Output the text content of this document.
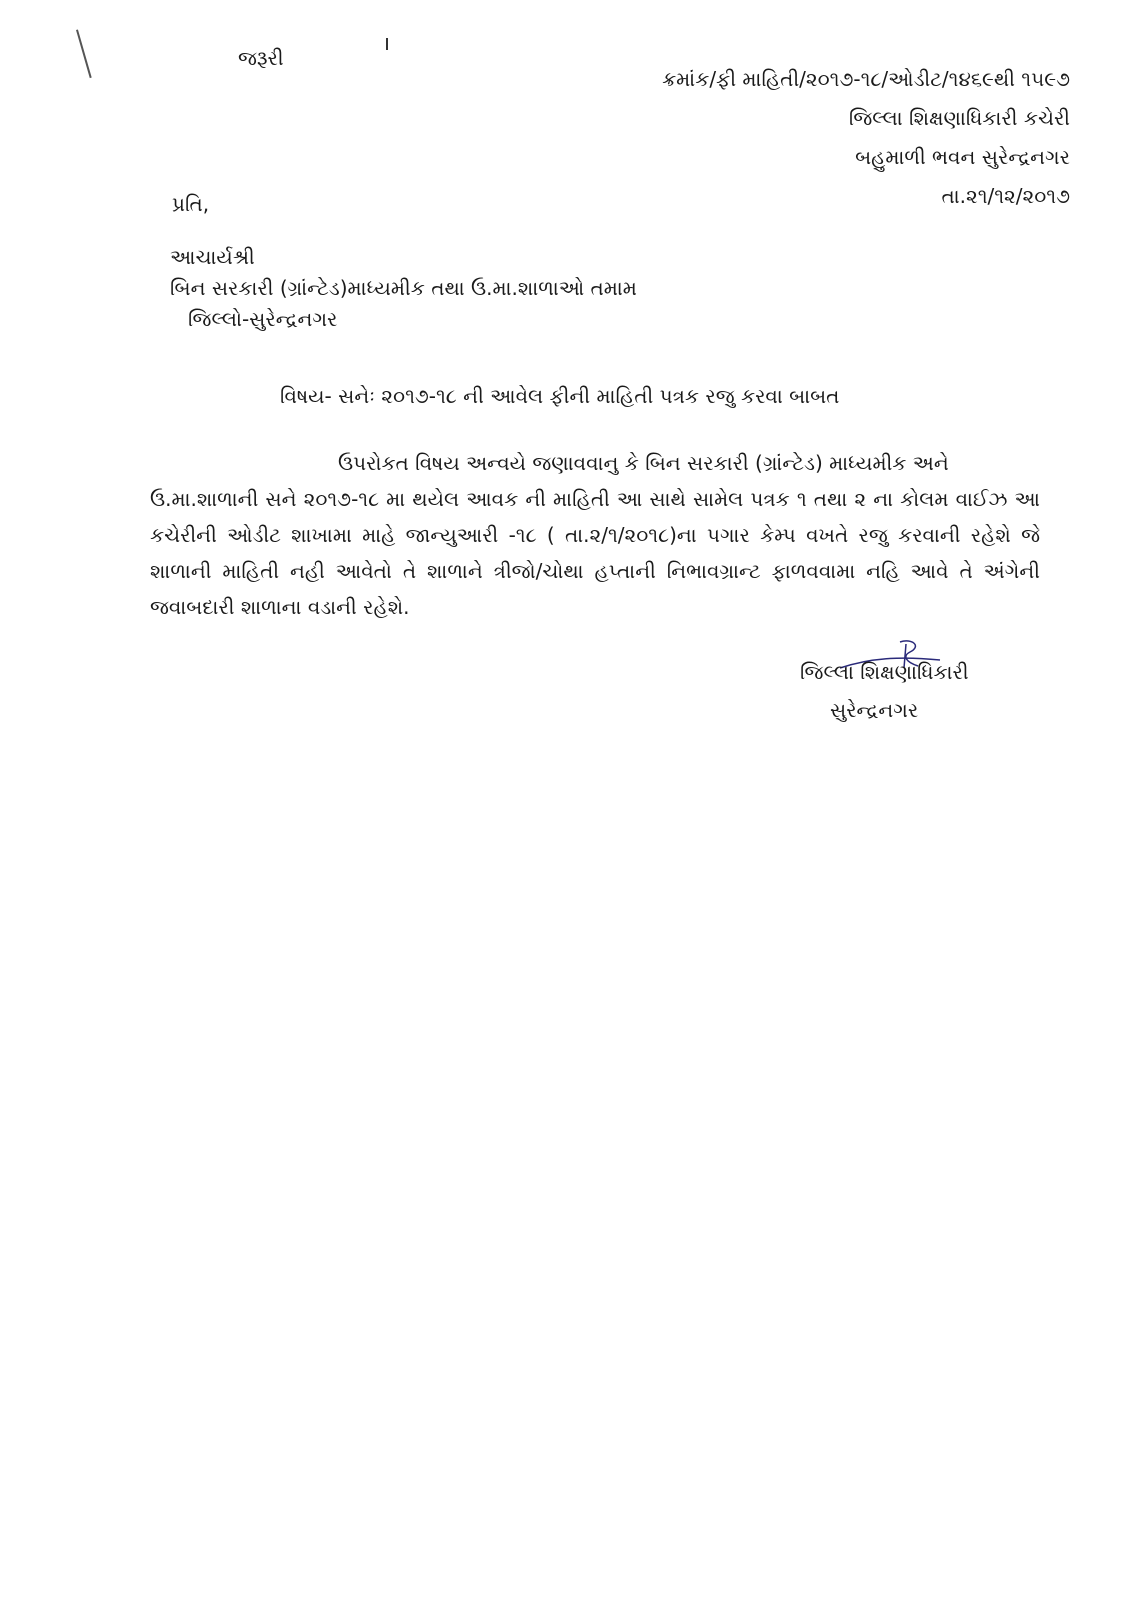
જરૂરી
ક્રમાંક/ફી માહિતી/૨૦૧૭-૧૮/ઓડીટ/૧૪૬૯થી ૧૫૯૭
જિલ્લા શિક્ષણાધિકારી કચેરી
બહુમાળી ભવન સુરેન્દ્રનગર
તા.૨૧/૧૨/૨૦૧૭
પ્રતિ,
આચાર્યશ્રી
બિન સરકારી (ગ્રાંન્ટેડ)માધ્યમીક તથા ઉ.મા.શાળાઓ તમામ
જિલ્લો-સુરેન્દ્રનગર
વિષય- સનેઃ ૨૦૧૭-૧૮ ની આવેલ ફીની માહિતી પત્રક રજુ કરવા બાબત
ઉપરોકત વિષય અન્વયે જણાવવાનુ કે બિન સરકારી (ગ્રાંન્ટેડ) માધ્યમીક અને
ઉ.મા.શાળાની સને ૨૦૧૭-૧૮ મા થયેલ આવક ની માહિતી આ સાથે સામેલ પત્રક ૧ તથા ૨ ના કોલમ વાઈઝ આ કચેરીની ઓડીટ શાખામા માહે જાન્યુઆરી -૧૮ ( તા.૨/૧/૨૦૧૮)ના પગાર કેમ્પ વખતે રજુ કરવાની રહેશે જે શાળાની માહિતી નહી આવેતો તે શાળાને ત્રીજો/ચોથા હપ્તાની નિભાવગ્રાન્ટ ફાળવવામા નહિ આવે તે અંગેની જવાબદારી શાળાના વડાની રહેશે.
જિલ્લા શિક્ષણાધિકારી
સુરેન્દ્રનગર
